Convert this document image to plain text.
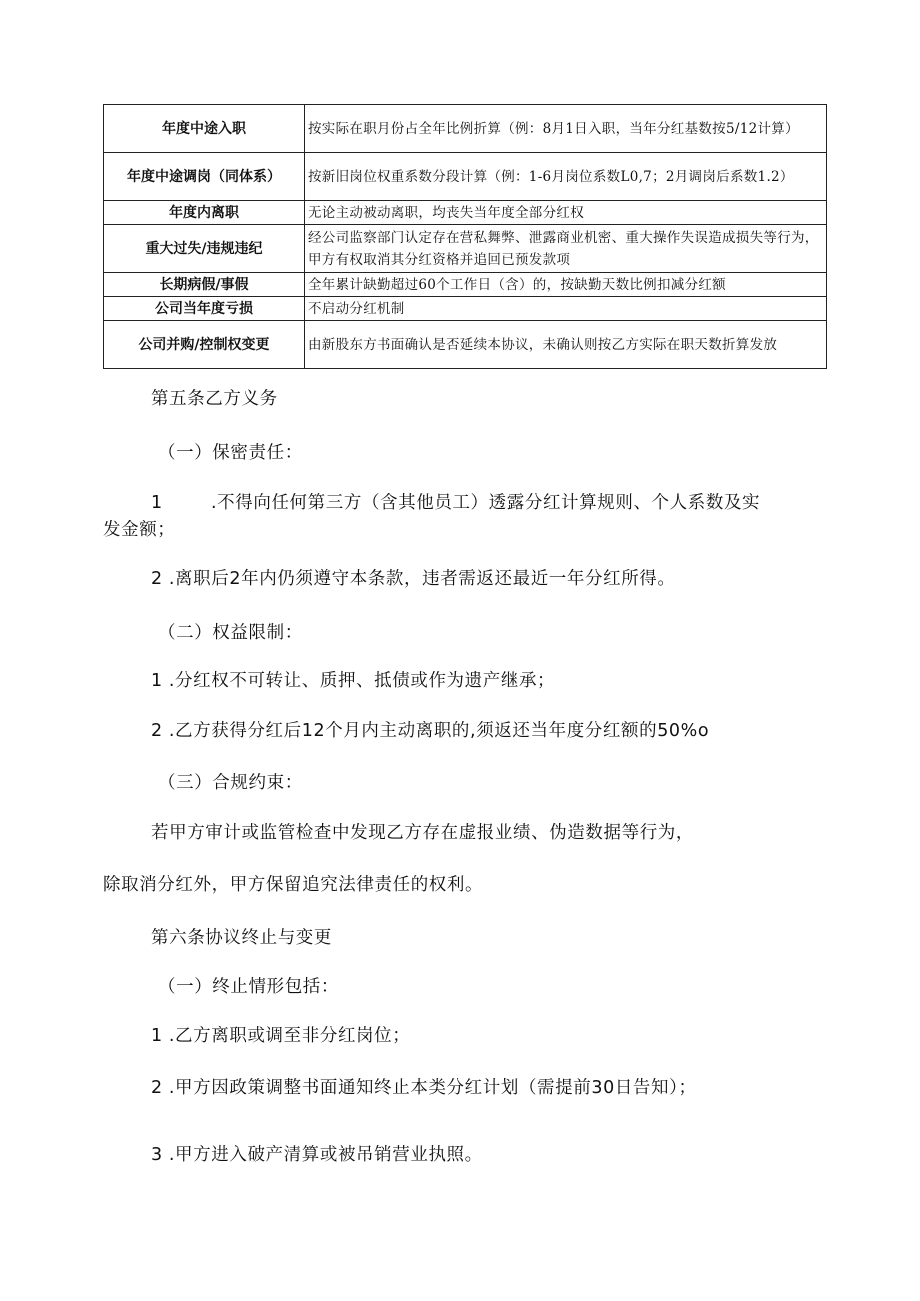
年度中途入职	按实际在职月份占全年比例折算（例：8月1日入职，当年分红基数按5/12计算）
年度中途调岗（同体系）	按新旧岗位权重系数分段计算（例：1-6月岗位系数L0,7；2月调岗后系数1.2）
年度内离职	无论主动被动离职，均丧失当年度全部分红权
重大过失/违规违纪	经公司监察部门认定存在营私舞弊、泄露商业机密、重大操作失误造成损失等行为，甲方有权取消其分红资格并追回已预发款项
长期病假/事假	全年累计缺勤超过60个工作日（含）的，按缺勤天数比例扣减分红额
公司当年度亏损	不启动分红机制
公司并购/控制权变更	由新股东方书面确认是否延续本协议，未确认则按乙方实际在职天数折算发放

第五条乙方义务

（一）保密责任：

1	.不得向任何第三方（含其他员工）透露分红计算规则、个人系数及实

发金额；

2 .离职后2年内仍须遵守本条款，违者需返还最近一年分红所得。

（二）权益限制：

1 .分红权不可转让、质押、抵债或作为遗产继承；

2 .乙方获得分红后12个月内主动离职的,须返还当年度分红额的50%o

（三）合规约束：

若甲方审计或监管检查中发现乙方存在虚报业绩、伪造数据等行为，

除取消分红外，甲方保留追究法律责任的权利。

第六条协议终止与变更

（一）终止情形包括：

1 .乙方离职或调至非分红岗位；

2 .甲方因政策调整书面通知终止本类分红计划（需提前30日告知）；

3 .甲方进入破产清算或被吊销营业执照。
